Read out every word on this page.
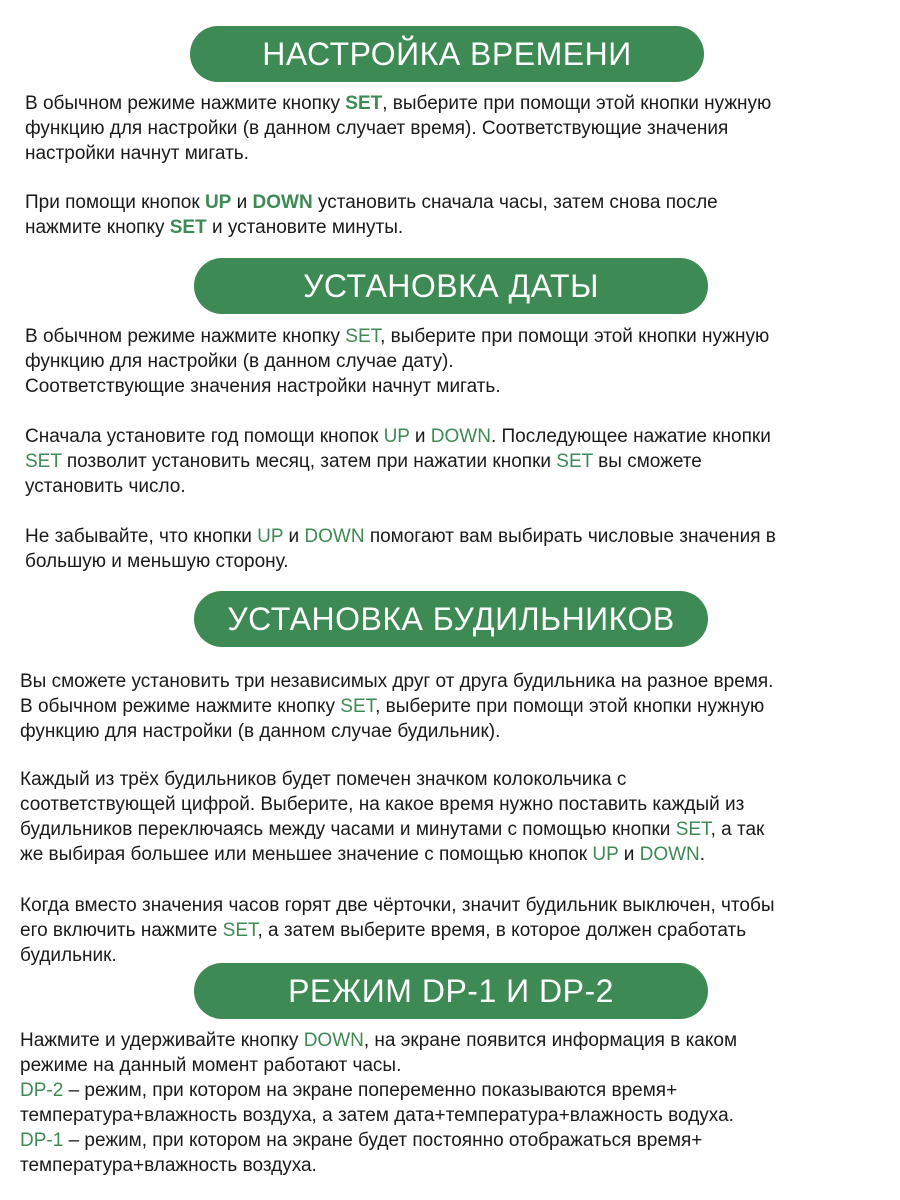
НАСТРОЙКА ВРЕМЕНИ
В обычном режиме нажмите кнопку SET, выберите при помощи этой кнопки нужную
функцию для настройки (в данном случает время). Соответствующие значения
настройки начнут мигать.
При помощи кнопок UP и DOWN установить сначала часы, затем снова после
нажмите кнопку SET и установите минуты.
УСТАНОВКА ДАТЫ
В обычном режиме нажмите кнопку SET, выберите при помощи этой кнопки нужную
функцию для настройки (в данном случае дату).
Соответствующие значения настройки начнут мигать.
Сначала установите год помощи кнопок UP и DOWN. Последующее нажатие кнопки
SET позволит установить месяц, затем при нажатии кнопки SET вы сможете
установить число.
Не забывайте, что кнопки UP и DOWN помогают вам выбирать числовые значения в
большую и меньшую сторону.
УСТАНОВКА БУДИЛЬНИКОВ
Вы сможете установить три независимых друг от друга будильника на разное время.
В обычном режиме нажмите кнопку SET, выберите при помощи этой кнопки нужную
функцию для настройки (в данном случае будильник).
Каждый из трёх будильников будет помечен значком колокольчика с
соответствующей цифрой. Выберите, на какое время нужно поставить каждый из
будильников переключаясь между часами и минутами с помощью кнопки SET, а так
же выбирая большее или меньшее значение с помощью кнопок UP и DOWN.
Когда вместо значения часов горят две чёрточки, значит будильник выключен, чтобы
его включить нажмите SET, а затем выберите время, в которое должен сработать
будильник.
РЕЖИМ DP-1 И DP-2
Нажмите и удерживайте кнопку DOWN, на экране появится информация в каком
режиме на данный момент работают часы.
DP-2 – режим, при котором на экране попеременно показываются время+
температура+влажность воздуха, а затем дата+температура+влажность водуха.
DP-1 – режим, при котором на экране будет постоянно отображаться время+
температура+влажность воздуха.
